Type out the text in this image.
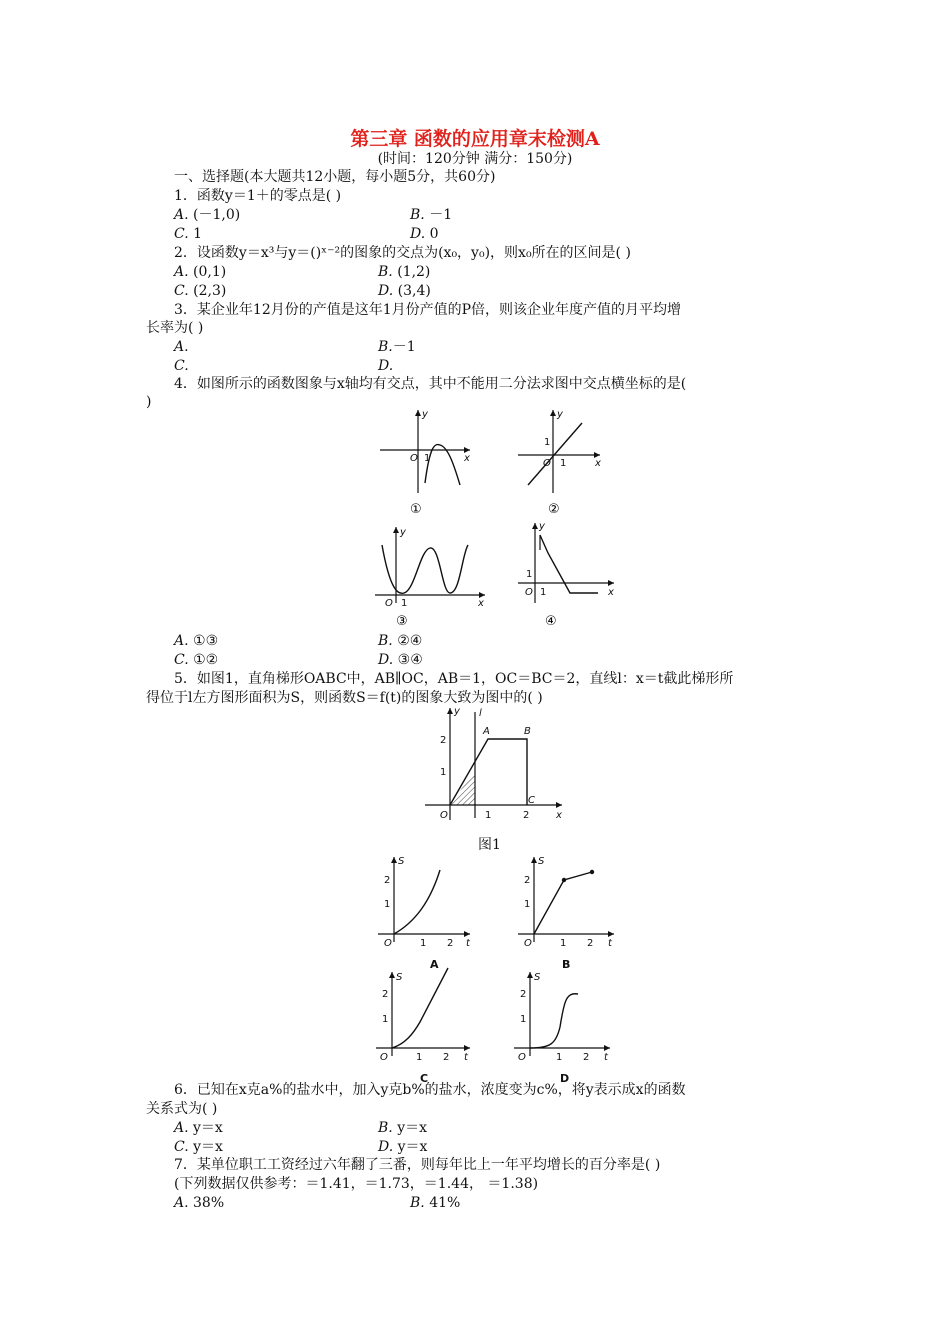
第三章 函数的应用章末检测A
(时间：120分钟 满分：150分)
一、选择题(本大题共12小题，每小题5分，共60分)
1．函数y＝1＋的零点是( )
A. (－1,0)	B. －1
C. 1	D. 0
2．设函数y＝x³与y＝()ˣ⁻²的图象的交点为(x₀，y₀)，则x₀所在的区间是( )
A. (0,1)	B. (1,2)
C. (2,3)	D. (3,4)
3．某企业年12月份的产值是这年1月份产值的P倍，则该企业年度产值的月平均增
长率为( )
A.	B.－1
C.	D.
4．如图所示的函数图象与x轴均有交点，其中不能用二分法求图中交点横坐标的是(
)
O 1	x
y
①
O 1
1
x
y
②
O 1	x
y
③
O 1
1
x
y
④
A. ①③	B. ②④
C. ①②	D. ③④
5．如图1，直角梯形OABC中，AB∥OC，AB＝1，OC＝BC＝2，直线l：x＝t截此梯形所
得位于l左方图形面积为S，则函数S＝f(t)的图象大致为图中的( )
y l
A	B
C
2
1
O	1	2	x
图1
S
2
1
O	1 2 t
A
S
2
1
O	1 2 t
B
S
2
1
O	1 2 t
C
S
2
1
O	1 2 t
D
6．已知在x克a%的盐水中，加入y克b%的盐水，浓度变为c%，将y表示成x的函数
关系式为( )
A. y＝x	B. y＝x
C. y＝x	D. y＝x
7．某单位职工工资经过六年翻了三番，则每年比上一年平均增长的百分率是( )
(下列数据仅供参考：＝1.41，＝1.73，＝1.44， ＝1.38)
A. 38%	B. 41%
